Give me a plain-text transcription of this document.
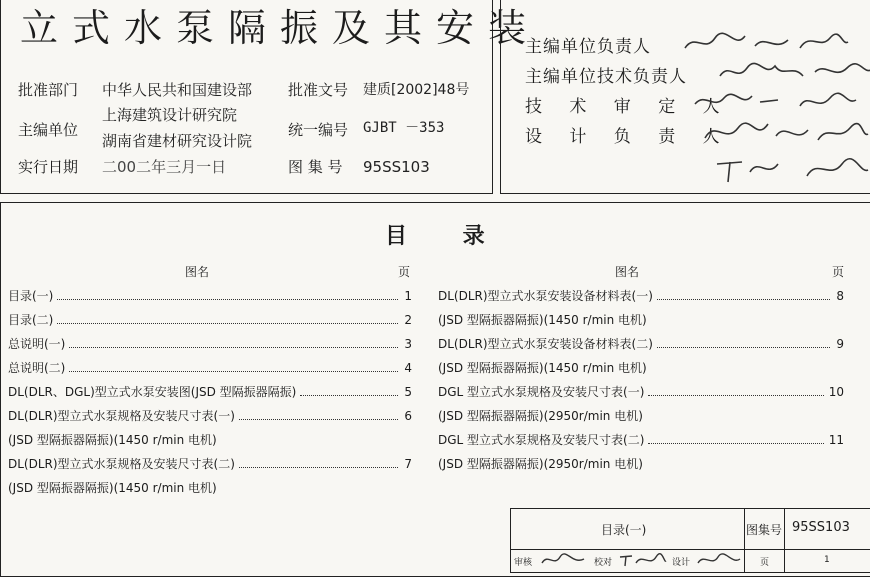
立式水泵隔振及其安装
批准部门 中华人民共和国建设部 批准文号 建质[2002]48号
主编单位
上海建筑设计研究院
湖南省建材研究设计院
统一编号 GJBT －353
实行日期 二00二年三月一日	图 集 号 95SS103
主编单位负责人
主编单位技术负责人
技 术 审 定 人
设 计 负 责 人
目 录
图名	页	图名	页
目录(一)	1
目录(二)	2
总说明(一)	3
总说明(二)	4
DL(DLR、DGL)型立式水泵安装图(JSD 型隔振器隔振)	5
DL(DLR)型立式水泵规格及安装尺寸表(一)	6
(JSD 型隔振器隔振)(1450 r/min 电机)
DL(DLR)型立式水泵规格及安装尺寸表(二)	7
(JSD 型隔振器隔振)(1450 r/min 电机)
DL(DLR)型立式水泵安装设备材料表(一)	8
(JSD 型隔振器隔振)(1450 r/min 电机)
DL(DLR)型立式水泵安装设备材料表(二)	9
(JSD 型隔振器隔振)(1450 r/min 电机)
DGL 型立式水泵规格及安装尺寸表(一)	10
(JSD 型隔振器隔振)(2950r/min 电机)
DGL 型立式水泵规格及安装尺寸表(二)	11
(JSD 型隔振器隔振)(2950r/min 电机)
目录(一)	图集号 95SS103
审核	校对	设计	页	1
